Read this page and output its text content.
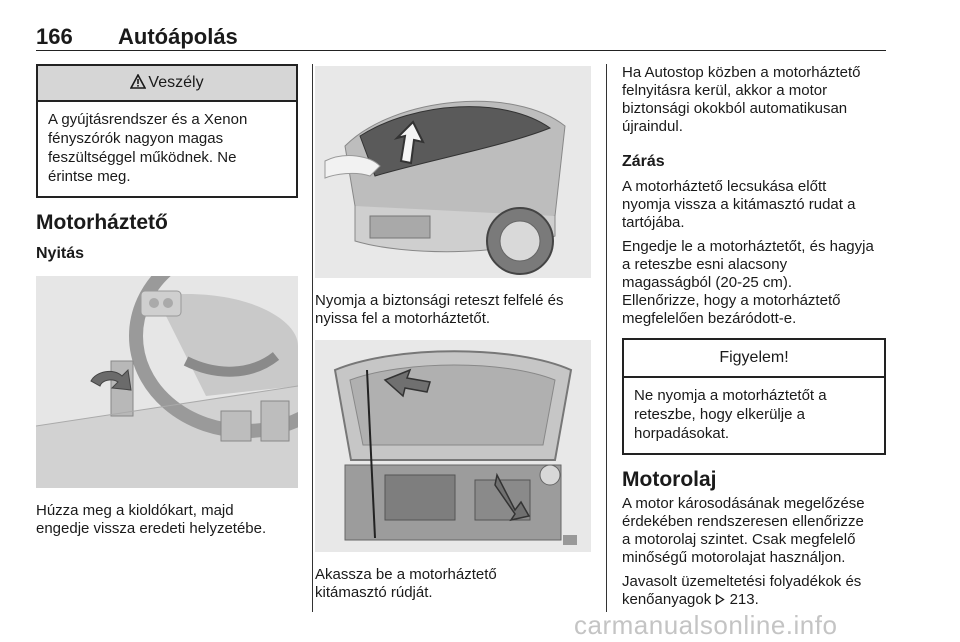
166 Autóápolás
Veszély
A gyújtásrendszer és a Xenon
fényszórók nagyon magas
feszültséggel működnek. Ne
érintse meg.
Motorháztető
Nyitás
Húzza meg a kioldókart, majd
engedje vissza eredeti helyzetébe.
Nyomja a biztonsági reteszt felfelé és
nyissa fel a motorháztetőt.
Akassza be a motorháztető
kitámasztó rúdját.
Ha Autostop közben a motorháztető
felnyitásra kerül, akkor a motor
biztonsági okokból automatikusan
újraindul.
Zárás
A motorháztető lecsukása előtt
nyomja vissza a kitámasztó rudat a
tartójába.
Engedje le a motorháztetőt, és hagyja
a reteszbe esni alacsony
magasságból (20-25 cm).
Ellenőrizze, hogy a motorháztető
megfelelően bezáródott-e.
Figyelem!
Ne nyomja a motorháztetőt a
reteszbe, hogy elkerülje a
horpadásokat.
Motorolaj
A motor károsodásának megelőzése
érdekében rendszeresen ellenőrizze
a motorolaj szintet. Csak megfelelő
minőségű motorolajat használjon.
Javasolt üzemeltetési folyadékok és
kenőanyagok 213.
carmanualsonline.info
